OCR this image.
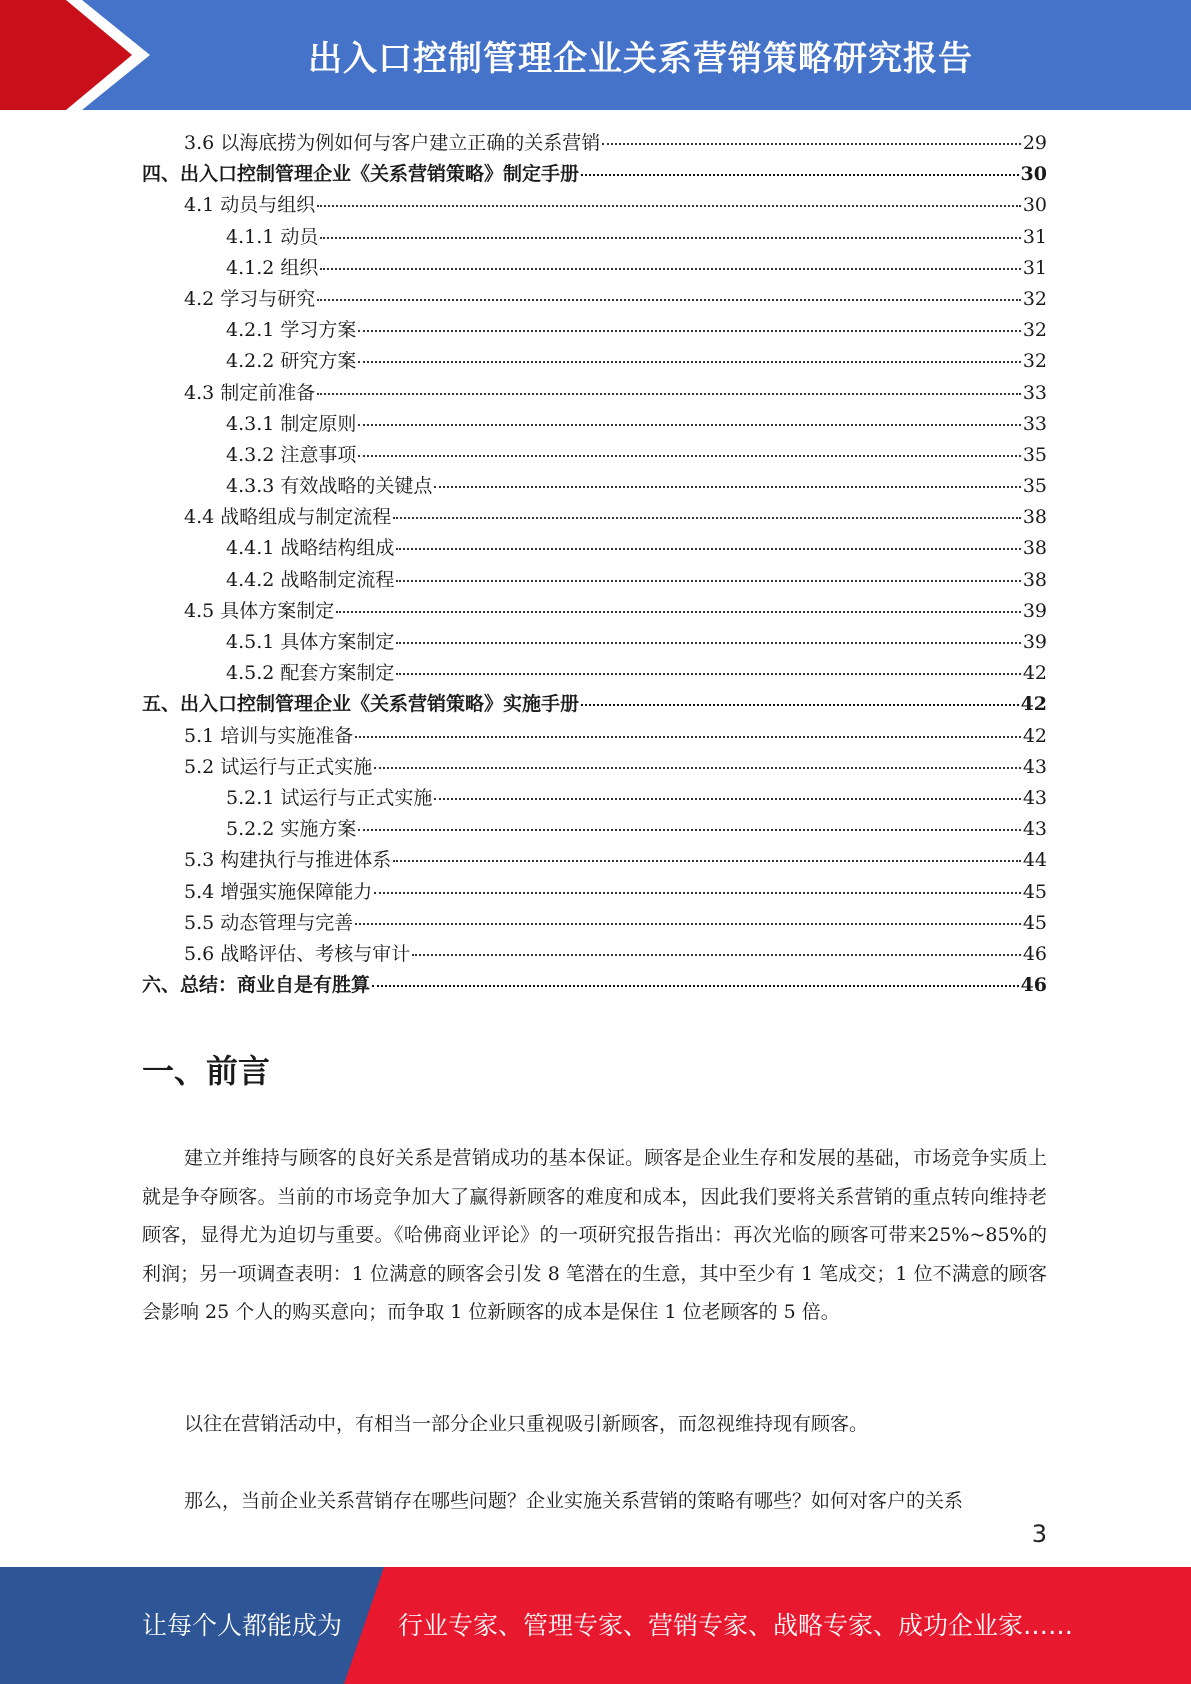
出入口控制管理企业关系营销策略研究报告
3.6 以海底捞为例如何与客户建立正确的关系营销	29
四、出入口控制管理企业《关系营销策略》制定手册	30
4.1 动员与组织	30
4.1.1 动员	31
4.1.2 组织	31
4.2 学习与研究	32
4.2.1 学习方案	32
4.2.2 研究方案	32
4.3 制定前准备	33
4.3.1 制定原则	33
4.3.2 注意事项	35
4.3.3 有效战略的关键点	35
4.4 战略组成与制定流程	38
4.4.1 战略结构组成	38
4.4.2 战略制定流程	38
4.5 具体方案制定	39
4.5.1 具体方案制定	39
4.5.2 配套方案制定	42
五、出入口控制管理企业《关系营销策略》实施手册	42
5.1 培训与实施准备	42
5.2 试运行与正式实施	43
5.2.1 试运行与正式实施	43
5.2.2 实施方案	43
5.3 构建执行与推进体系	44
5.4 增强实施保障能力	45
5.5 动态管理与完善	45
5.6 战略评估、考核与审计	46
六、总结：商业自是有胜算	46
一、前言

建立并维持与顾客的良好关系是营销成功的基本保证。顾客是企业生存和发展的基础，市场竞争实质上就是争夺顾客。当前的市场竞争加大了赢得新顾客的难度和成本，因此我们要将关系营销的重点转向维持老顾客，显得尤为迫切与重要。《哈佛商业评论》的一项研究报告指出：再次光临的顾客可带来25%~85%的利润；另一项调查表明：1 位满意的顾客会引发 8 笔潜在的生意，其中至少有 1 笔成交；1 位不满意的顾客会影响 25 个人的购买意向；而争取 1 位新顾客的成本是保住 1 位老顾客的 5 倍。

以往在营销活动中，有相当一部分企业只重视吸引新顾客，而忽视维持现有顾客。

那么，当前企业关系营销存在哪些问题？企业实施关系营销的策略有哪些？如何对客户的关系

3
让每个人都能成为 行业专家、管理专家、营销专家、战略专家、成功企业家……
